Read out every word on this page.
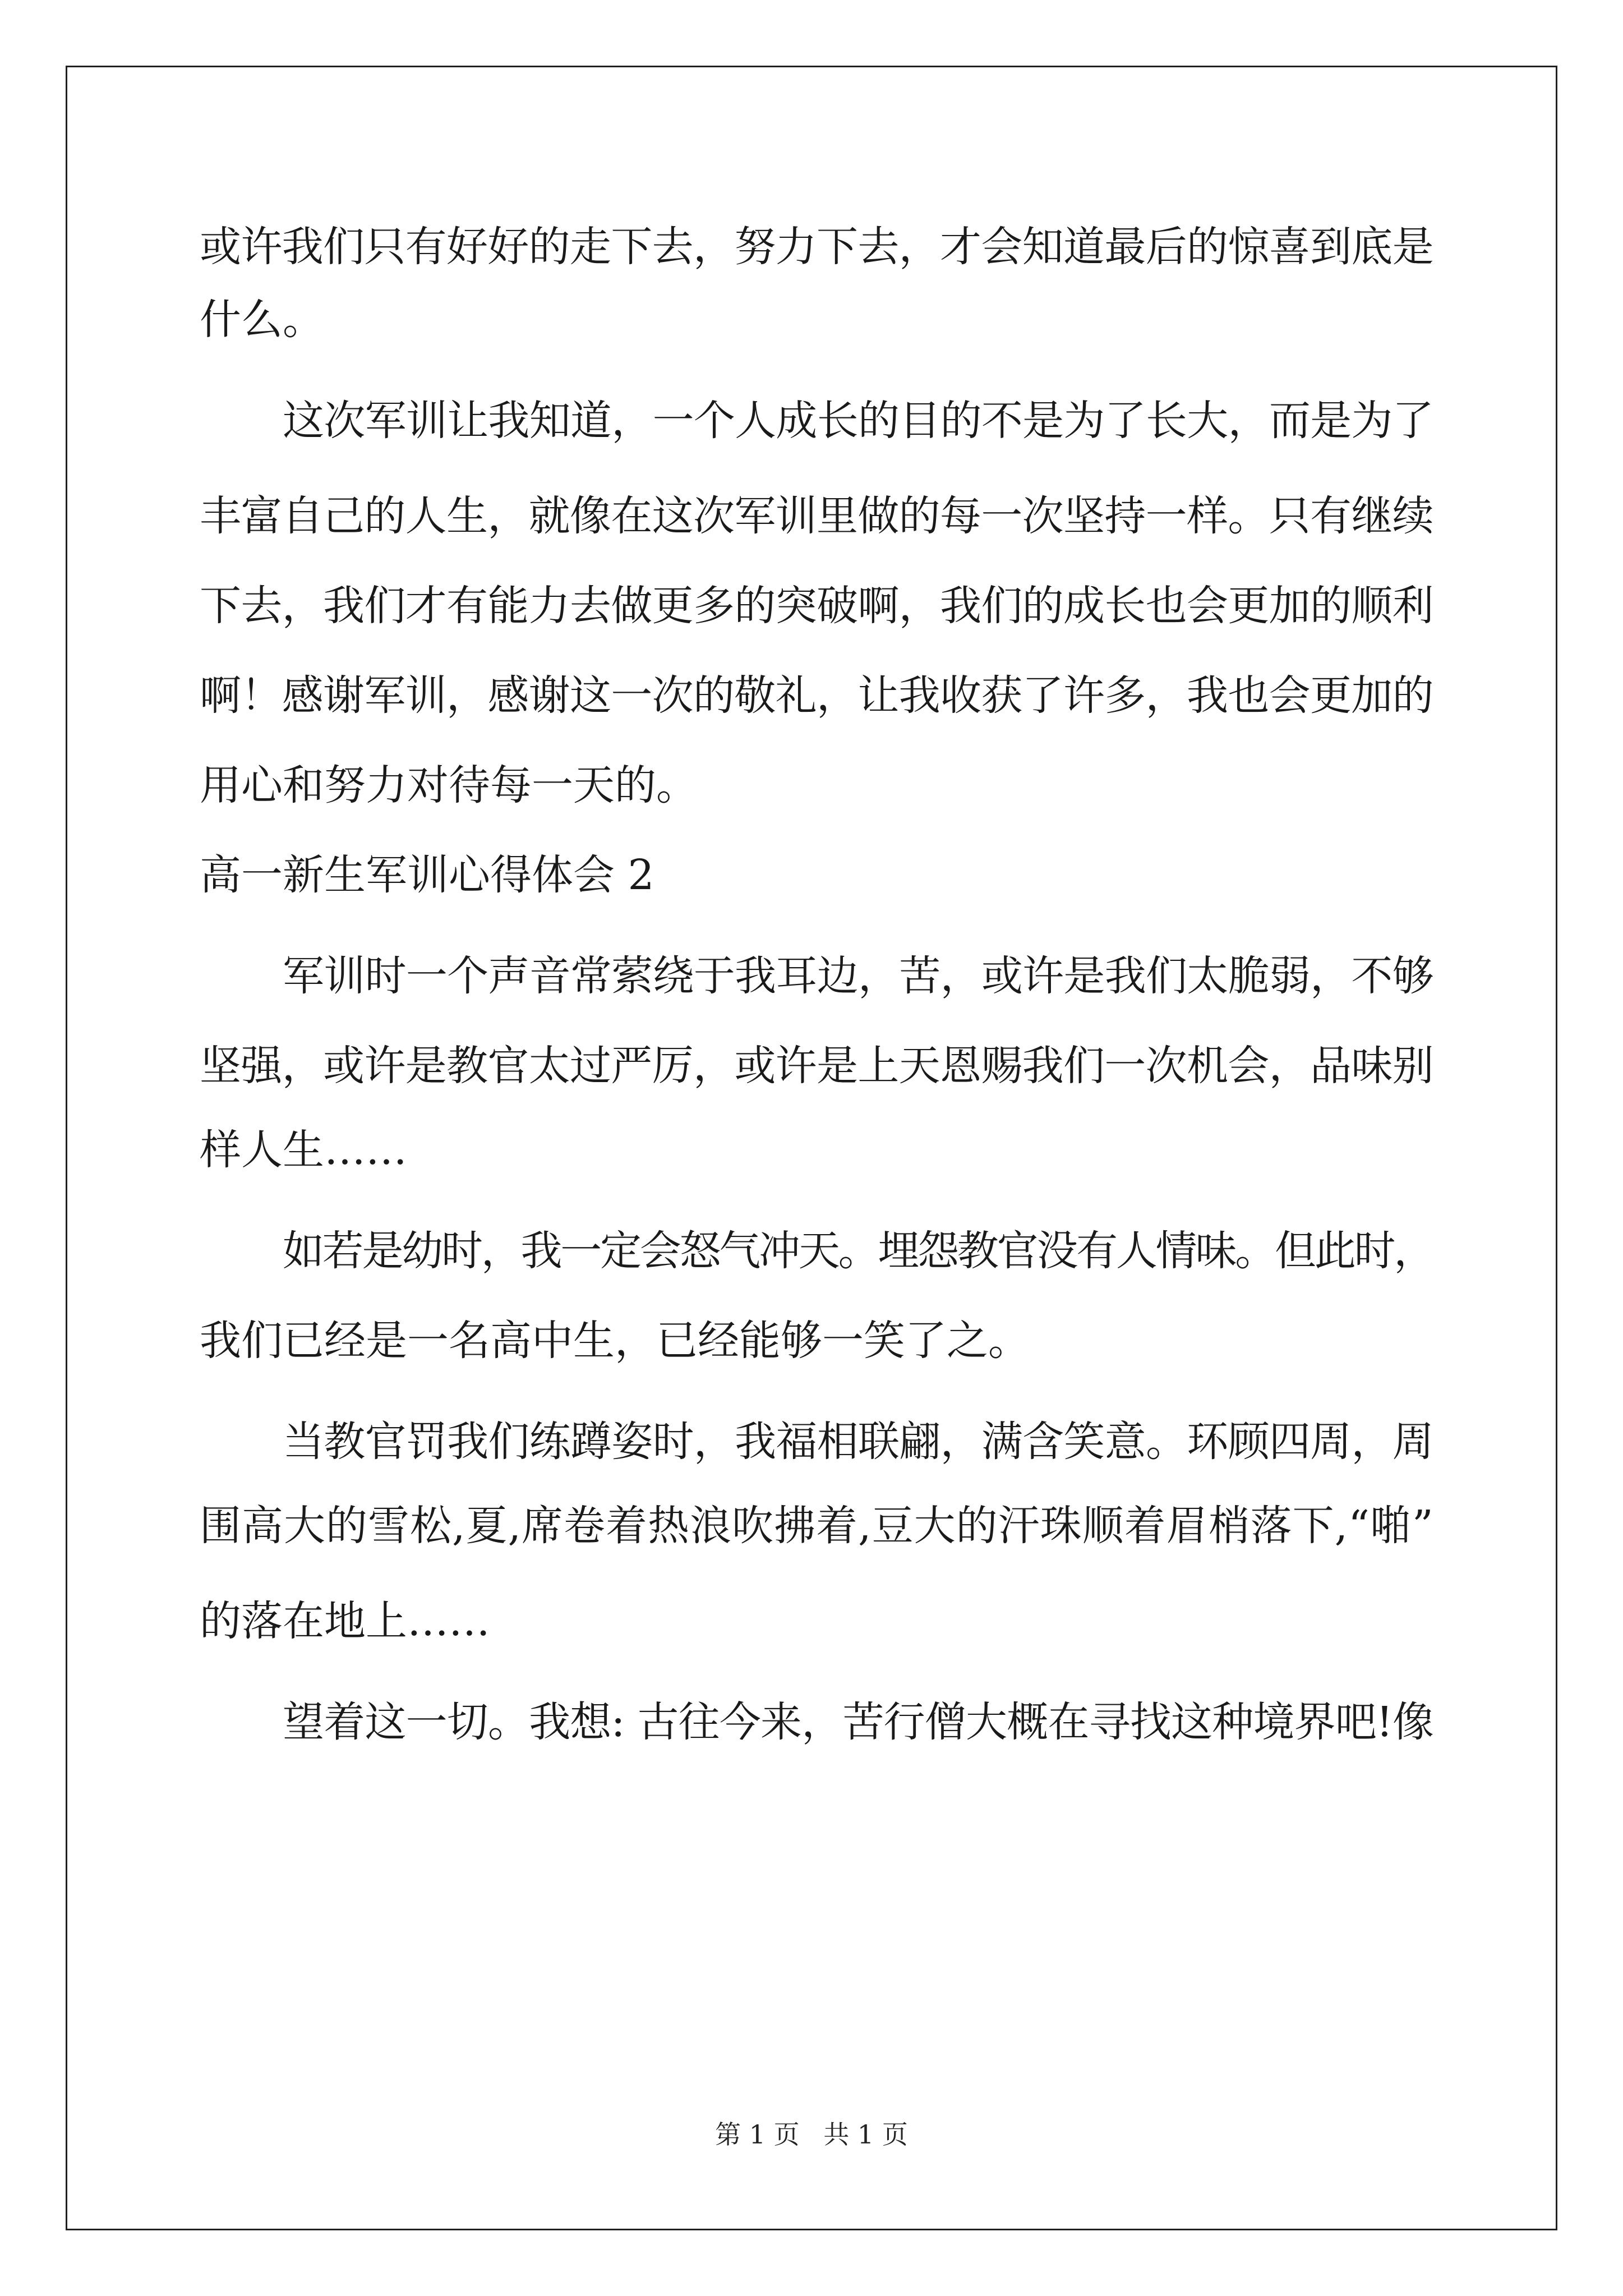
或许我们只有好好的走下去，努力下去，才会知道最后的惊喜到底是
什么。
这次军训让我知道，一个人成长的目的不是为了长大，而是为了
丰富自己的人生，就像在这次军训里做的每一次坚持一样。只有继续
下去，我们才有能力去做更多的突破啊，我们的成长也会更加的顺利
啊！感谢军训，感谢这一次的敬礼，让我收获了许多，我也会更加的
用心和努力对待每一天的。
高一新生军训心得体会 2
军训时一个声音常萦绕于我耳边，苦，或许是我们太脆弱，不够
坚强，或许是教官太过严厉，或许是上天恩赐我们一次机会，品味别
样人生……
如若是幼时，我一定会怒气冲天。埋怨教官没有人情味。但此时，
我们已经是一名高中生，已经能够一笑了之。
当教官罚我们练蹲姿时，我福相联翩，满含笑意。环顾四周，周
围高大的雪松,夏,席卷着热浪吹拂着,豆大的汗珠顺着眉梢落下,“啪”
的落在地上……
望着这一切。我想: 古往今来，苦行僧大概在寻找这种境界吧!像
第 1 页 共 1 页
